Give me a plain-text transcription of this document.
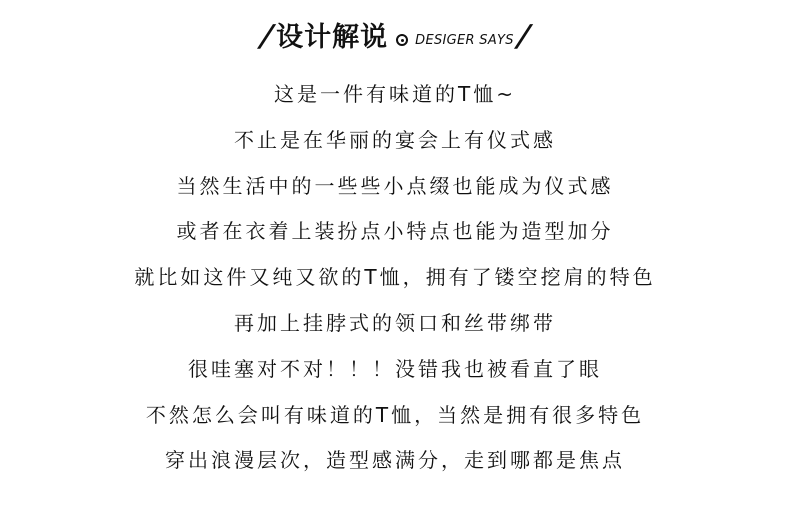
/ 设计解说 DESIGER SAYS /
这是一件有味道的T恤~
不止是在华丽的宴会上有仪式感
当然生活中的一些些小点缀也能成为仪式感
或者在衣着上装扮点小特点也能为造型加分
就比如这件又纯又欲的T恤，拥有了镂空挖肩的特色
再加上挂脖式的领口和丝带绑带
很哇塞对不对！！！没错我也被看直了眼
不然怎么会叫有味道的T恤，当然是拥有很多特色
穿出浪漫层次，造型感满分，走到哪都是焦点
